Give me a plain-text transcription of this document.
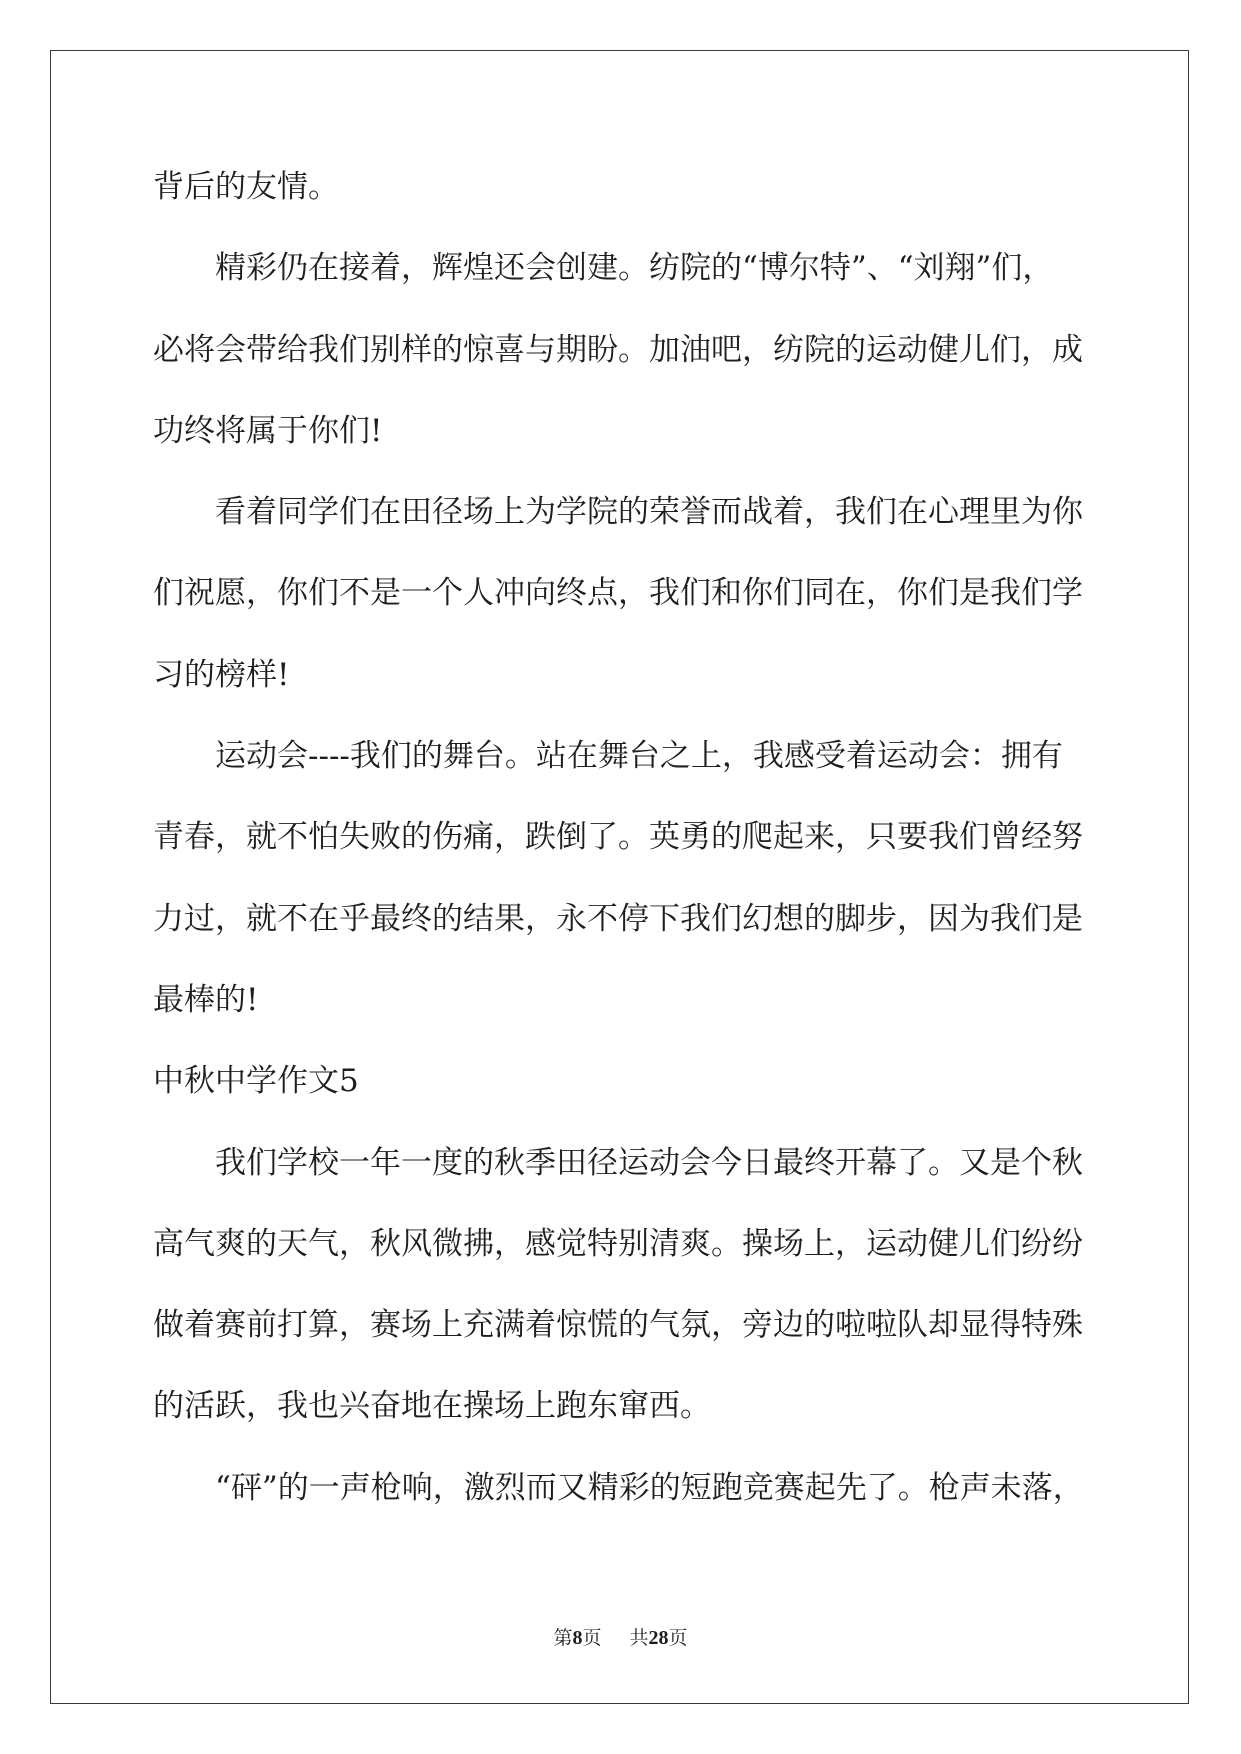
背后的友情。
精彩仍在接着，辉煌还会创建。纺院的“博尔特”、“刘翔”们，
必将会带给我们别样的惊喜与期盼。加油吧，纺院的运动健儿们，成
功终将属于你们!
看着同学们在田径场上为学院的荣誉而战着，我们在心理里为你
们祝愿，你们不是一个人冲向终点，我们和你们同在，你们是我们学
习的榜样!
运动会----我们的舞台。站在舞台之上，我感受着运动会：拥有
青春，就不怕失败的伤痛，跌倒了。英勇的爬起来，只要我们曾经努
力过，就不在乎最终的结果，永不停下我们幻想的脚步，因为我们是
最棒的!
中秋中学作文5
我们学校一年一度的秋季田径运动会今日最终开幕了。又是个秋
高气爽的天气，秋风微拂，感觉特别清爽。操场上，运动健儿们纷纷
做着赛前打算，赛场上充满着惊慌的气氛，旁边的啦啦队却显得特殊
的活跃，我也兴奋地在操场上跑东窜西。
“砰”的一声枪响，激烈而又精彩的短跑竞赛起先了。枪声未落，
第8页 共28页
